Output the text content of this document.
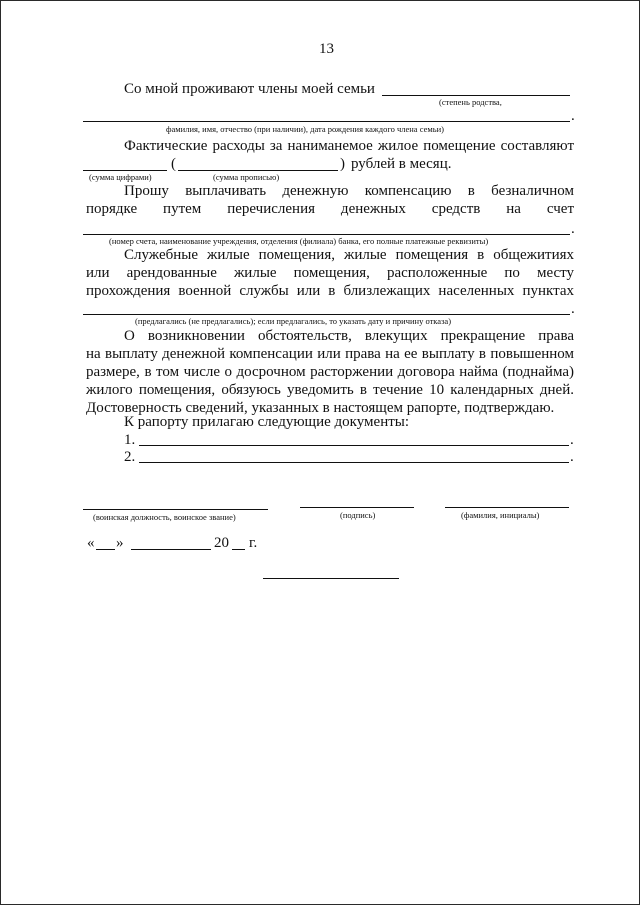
13
Со мной проживают члены моей семьи
(степень родства,
.
фамилия, имя, отчество (при наличии), дата рождения каждого члена семьи)
Фактические расходы за наниманемое жилое помещение составляют
(	) рублей в месяц.
(сумма цифрами)	(сумма прописью)
Прошу выплачивать денежную компенсацию в безналичном
порядке путем перечисления денежных средств на счет
.
(номер счета, наименование учреждения, отделения (филиала) банка, его полные платежные реквизиты)
Служебные жилые помещения, жилые помещения в общежитиях
или арендованные жилые помещения, расположенные по месту
прохождения военной службы или в близлежащих населенных пунктах
.
(предлагались (не предлагались); если предлагались, то указать дату и причину отказа)
О возникновении обстоятельств, влекущих прекращение права
на выплату денежной компенсации или права на ее выплату в повышенном
размере, в том числе о досрочном расторжении договора найма (поднайма)
жилого помещения, обязуюсь уведомить в течение 10 календарных дней.
Достоверность сведений, указанных в настоящем рапорте, подтверждаю.
К рапорту прилагаю следующие документы:
1.	.
2.	.
(воинская должность, воинское звание)	(подпись)	(фамилия, инициалы)
« »	20 г.
